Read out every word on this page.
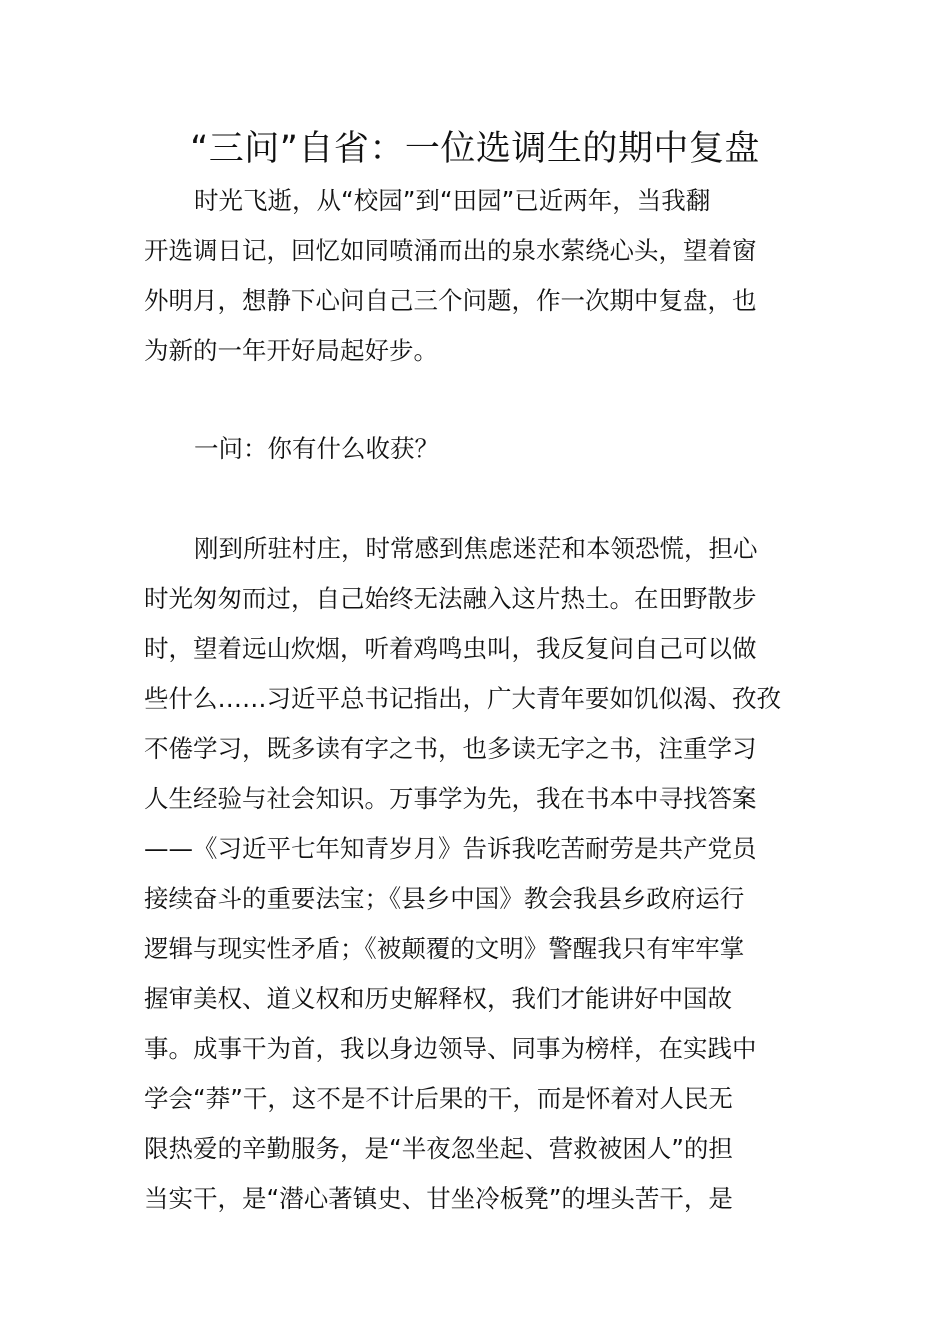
“三问”自省：一位选调生的期中复盘
时光飞逝，从“校园”到“田园”已近两年，当我翻
开选调日记，回忆如同喷涌而出的泉水萦绕心头，望着窗
外明月，想静下心问自己三个问题，作一次期中复盘，也
为新的一年开好局起好步。
一问：你有什么收获？
刚到所驻村庄，时常感到焦虑迷茫和本领恐慌，担心
时光匆匆而过，自己始终无法融入这片热土。在田野散步
时，望着远山炊烟，听着鸡鸣虫叫，我反复问自己可以做
些什么……习近平总书记指出，广大青年要如饥似渴、孜孜
不倦学习，既多读有字之书，也多读无字之书，注重学习
人生经验与社会知识。万事学为先，我在书本中寻找答案
——《习近平七年知青岁月》告诉我吃苦耐劳是共产党员
接续奋斗的重要法宝；《县乡中国》教会我县乡政府运行
逻辑与现实性矛盾；《被颠覆的文明》警醒我只有牢牢掌
握审美权、道义权和历史解释权，我们才能讲好中国故
事。成事干为首，我以身边领导、同事为榜样，在实践中
学会“莽”干，这不是不计后果的干，而是怀着对人民无
限热爱的辛勤服务，是“半夜忽坐起、营救被困人”的担
当实干，是“潜心著镇史、甘坐冷板凳”的埋头苦干，是
